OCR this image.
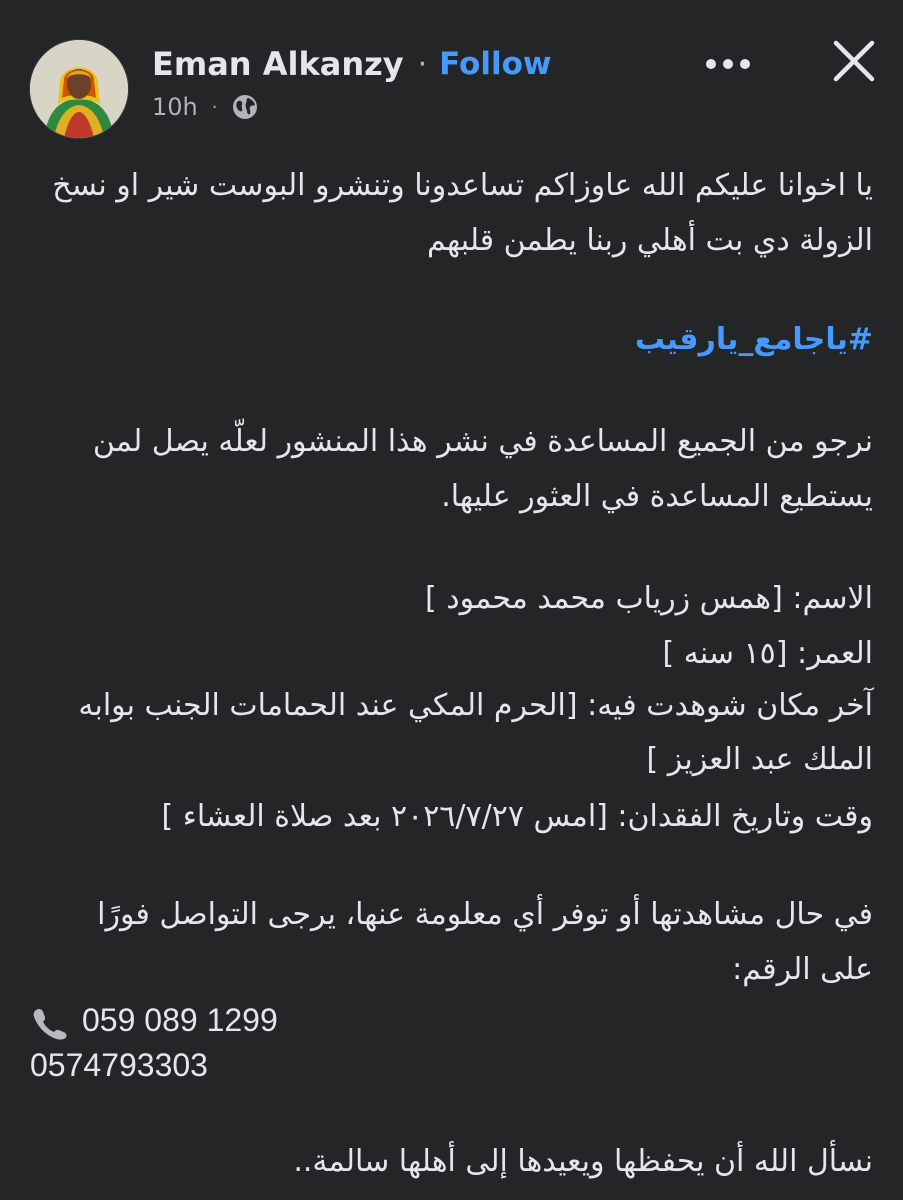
Eman Alkanzy · Follow
10h ·
يا اخوانا عليكم الله عاوزاكم تساعدونا وتنشرو البوست شير او نسخ
الزولة دي بت أهلي ربنا يطمن قلبهم
#ياجامع_يارقيب
نرجو من الجميع المساعدة في نشر هذا المنشور لعلّه يصل لمن
يستطيع المساعدة في العثور عليها.
الاسم: [همس زرياب محمد محمود ]
العمر: [١٥ سنه ]
آخر مكان شوهدت فيه: [الحرم المكي عند الحمامات الجنب بوابه
الملك عبد العزيز ]
وقت وتاريخ الفقدان: [امس ٢٠٢٦/٧/٢٧ بعد صلاة العشاء ]
في حال مشاهدتها أو توفر أي معلومة عنها، يرجى التواصل فورًا
على الرقم:
059 089 1299
0574793303
نسأل الله أن يحفظها ويعيدها إلى أهلها سالمة..
